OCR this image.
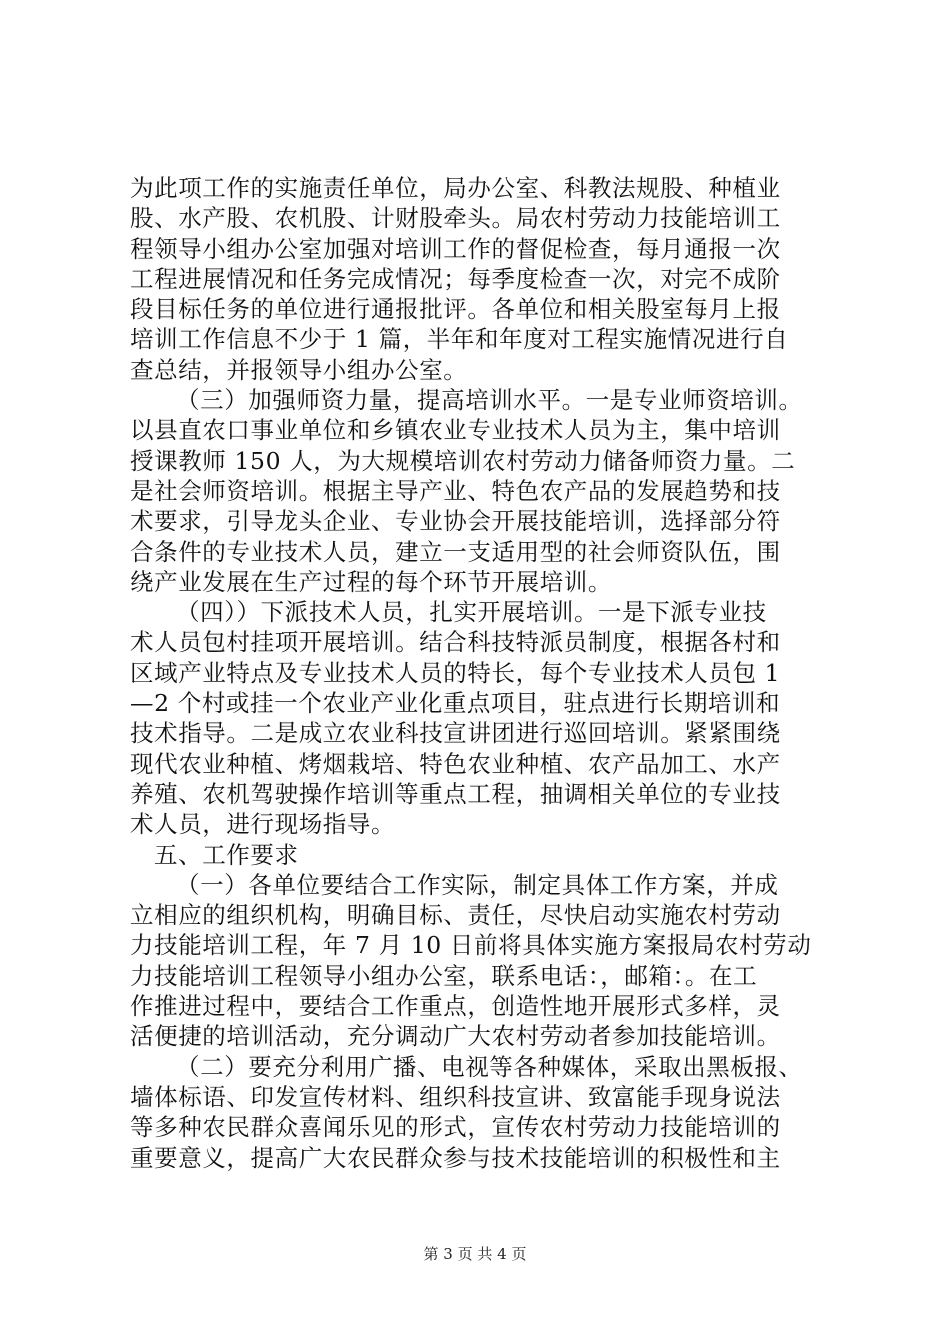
为此项工作的实施责任单位，局办公室、科教法规股、种植业
股、水产股、农机股、计财股牵头。局农村劳动力技能培训工
程领导小组办公室加强对培训工作的督促检查，每月通报一次
工程进展情况和任务完成情况；每季度检查一次，对完不成阶
段目标任务的单位进行通报批评。各单位和相关股室每月上报
培训工作信息不少于 1 篇，半年和年度对工程实施情况进行自
查总结，并报领导小组办公室。
（三）加强师资力量，提高培训水平。一是专业师资培训。
以县直农口事业单位和乡镇农业专业技术人员为主，集中培训
授课教师 150 人，为大规模培训农村劳动力储备师资力量。二
是社会师资培训。根据主导产业、特色农产品的发展趋势和技
术要求，引导龙头企业、专业协会开展技能培训，选择部分符
合条件的专业技术人员，建立一支适用型的社会师资队伍，围
绕产业发展在生产过程的每个环节开展培训。
（四））下派技术人员，扎实开展培训。一是下派专业技
术人员包村挂项开展培训。结合科技特派员制度，根据各村和
区域产业特点及专业技术人员的特长，每个专业技术人员包 1
—2 个村或挂一个农业产业化重点项目，驻点进行长期培训和
技术指导。二是成立农业科技宣讲团进行巡回培训。紧紧围绕
现代农业种植、烤烟栽培、特色农业种植、农产品加工、水产
养殖、农机驾驶操作培训等重点工程，抽调相关单位的专业技
术人员，进行现场指导。
五、工作要求
（一）各单位要结合工作实际，制定具体工作方案，并成
立相应的组织机构，明确目标、责任，尽快启动实施农村劳动
力技能培训工程，年 7 月 10 日前将具体实施方案报局农村劳动
力技能培训工程领导小组办公室，联系电话：，邮箱：。在工
作推进过程中，要结合工作重点，创造性地开展形式多样，灵
活便捷的培训活动，充分调动广大农村劳动者参加技能培训。
（二）要充分利用广播、电视等各种媒体，采取出黑板报、
墙体标语、印发宣传材料、组织科技宣讲、致富能手现身说法
等多种农民群众喜闻乐见的形式，宣传农村劳动力技能培训的
重要意义，提高广大农民群众参与技术技能培训的积极性和主
第 3 页 共 4 页
